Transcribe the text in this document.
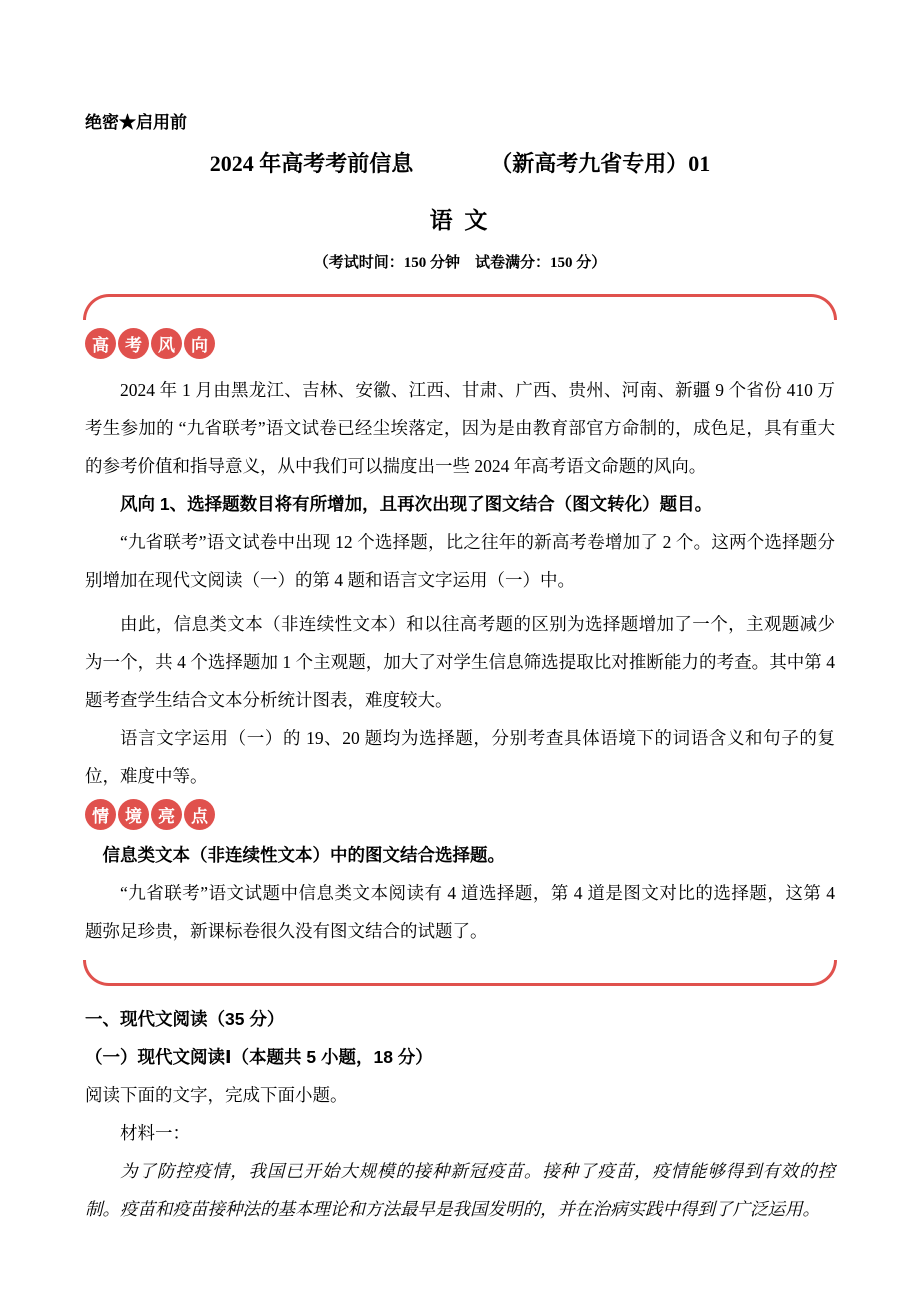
绝密★启用前
2024 年高考考前信息　　　　（新高考九省专用）01
语 文
（考试时间：150 分钟　试卷满分：150 分）
高 考 风 向

2024 年 1 月由黑龙江、吉林、安徽、江西、甘肃、广西、贵州、河南、新疆 9 个省份 410 万考生参加的 “九省联考”语文试卷已经尘埃落定，因为是由教育部官方命制的，成色足，具有重大的参考价值和指导意义，从中我们可以揣度出一些 2024 年高考语文命题的风向。

风向 1、选择题数目将有所增加，且再次出现了图文结合（图文转化）题目。

“九省联考”语文试卷中出现 12 个选择题，比之往年的新高考卷增加了 2 个。这两个选择题分别增加在现代文阅读（一）的第 4 题和语言文字运用（一）中。

由此，信息类文本（非连续性文本）和以往高考题的区别为选择题增加了一个，主观题减少为一个，共 4 个选择题加 1 个主观题，加大了对学生信息筛选提取比对推断能力的考查。其中第 4 题考查学生结合文本分析统计图表，难度较大。

语言文字运用（一）的 19、20 题均为选择题，分别考查具体语境下的词语含义和句子的复位，难度中等。

情 境 亮 点

信息类文本（非连续性文本）中的图文结合选择题。

“九省联考”语文试题中信息类文本阅读有 4 道选择题，第 4 道是图文对比的选择题，这第 4 题弥足珍贵，新课标卷很久没有图文结合的试题了。

一、现代文阅读（35 分）

（一）现代文阅读Ⅰ（本题共 5 小题，18 分）

阅读下面的文字，完成下面小题。

材料一：

为了防控疫情，我国已开始大规模的接种新冠疫苗。接种了疫苗，疫情能够得到有效的控制。疫苗和疫苗接种法的基本理论和方法最早是我国发明的，并在治病实践中得到了广泛运用。
